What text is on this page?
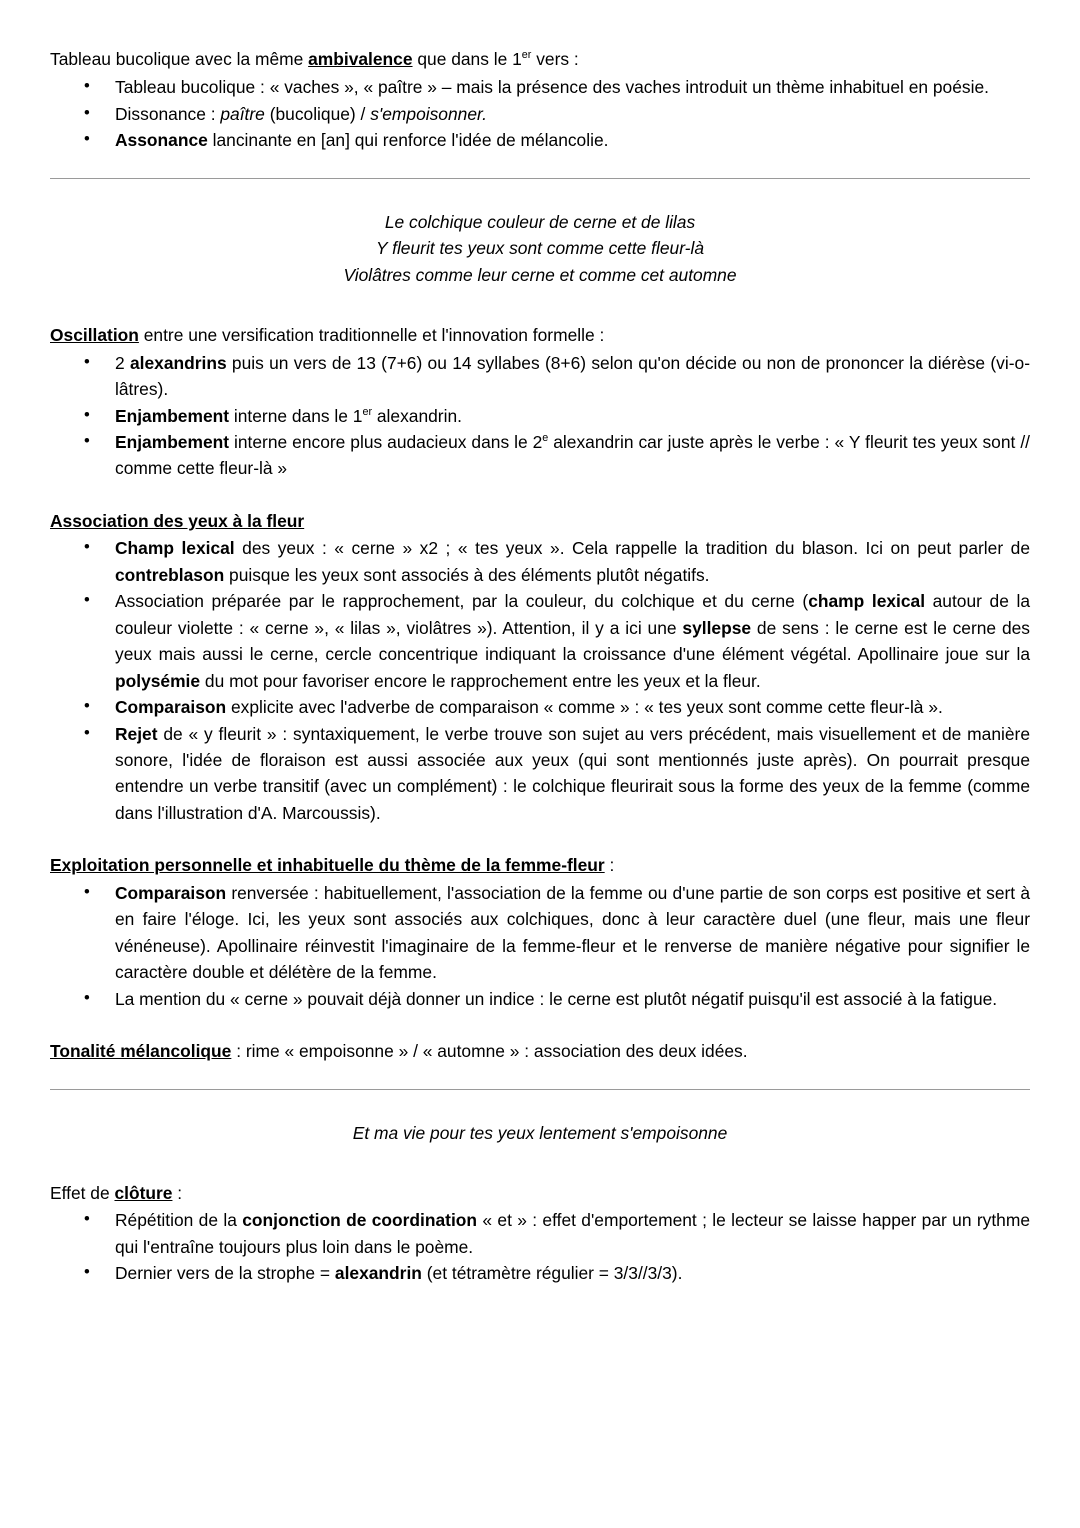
Tableau bucolique avec la même ambivalence que dans le 1er vers :

• Tableau bucolique : « vaches », « paître » – mais la présence des vaches introduit un thème inhabituel en poésie.
• Dissonance : paître (bucolique) / s'empoisonner.
• Assonance lancinante en [an] qui renforce l'idée de mélancolie.
Le colchique couleur de cerne et de lilas
Y fleurit tes yeux sont comme cette fleur-là
Violâtres comme leur cerne et comme cet automne

Oscillation entre une versification traditionnelle et l'innovation formelle :

• 2 alexandrins puis un vers de 13 (7+6) ou 14 syllabes (8+6) selon qu'on décide ou non de prononcer la diérèse (vi-o-lâtres).
• Enjambement interne dans le 1er alexandrin.
• Enjambement interne encore plus audacieux dans le 2e alexandrin car juste après le verbe : « Y fleurit tes yeux sont // comme cette fleur-là »

Association des yeux à la fleur

• Champ lexical des yeux : « cerne » x2 ; « tes yeux ». Cela rappelle la tradition du blason. Ici on peut parler de contreblason puisque les yeux sont associés à des éléments plutôt négatifs.
• Association préparée par le rapprochement, par la couleur, du colchique et du cerne (champ lexical autour de la couleur violette : « cerne », « lilas », violâtres »). Attention, il y a ici une syllepse de sens : le cerne est le cerne des yeux mais aussi le cerne, cercle concentrique indiquant la croissance d'une élément végétal. Apollinaire joue sur la polysémie du mot pour favoriser encore le rapprochement entre les yeux et la fleur.
• Comparaison explicite avec l'adverbe de comparaison « comme » : « tes yeux sont comme cette fleur-là ».
• Rejet de « y fleurit » : syntaxiquement, le verbe trouve son sujet au vers précédent, mais visuellement et de manière sonore, l'idée de floraison est aussi associée aux yeux (qui sont mentionnés juste après). On pourrait presque entendre un verbe transitif (avec un complément) : le colchique fleurirait sous la forme des yeux de la femme (comme dans l'illustration d'A. Marcoussis).

Exploitation personnelle et inhabituelle du thème de la femme-fleur :

• Comparaison renversée : habituellement, l'association de la femme ou d'une partie de son corps est positive et sert à en faire l'éloge. Ici, les yeux sont associés aux colchiques, donc à leur caractère duel (une fleur, mais une fleur vénéneuse). Apollinaire réinvestit l'imaginaire de la femme-fleur et le renverse de manière négative pour signifier le caractère double et délétère de la femme.
• La mention du « cerne » pouvait déjà donner un indice : le cerne est plutôt négatif puisqu'il est associé à la fatigue.

Tonalité mélancolique : rime « empoisonne » / « automne » : association des deux idées.

Et ma vie pour tes yeux lentement s'empoisonne

Effet de clôture :

• Répétition de la conjonction de coordination « et » : effet d'emportement ; le lecteur se laisse happer par un rythme qui l'entraîne toujours plus loin dans le poème.
• Dernier vers de la strophe = alexandrin (et tétramètre régulier = 3/3//3/3).
